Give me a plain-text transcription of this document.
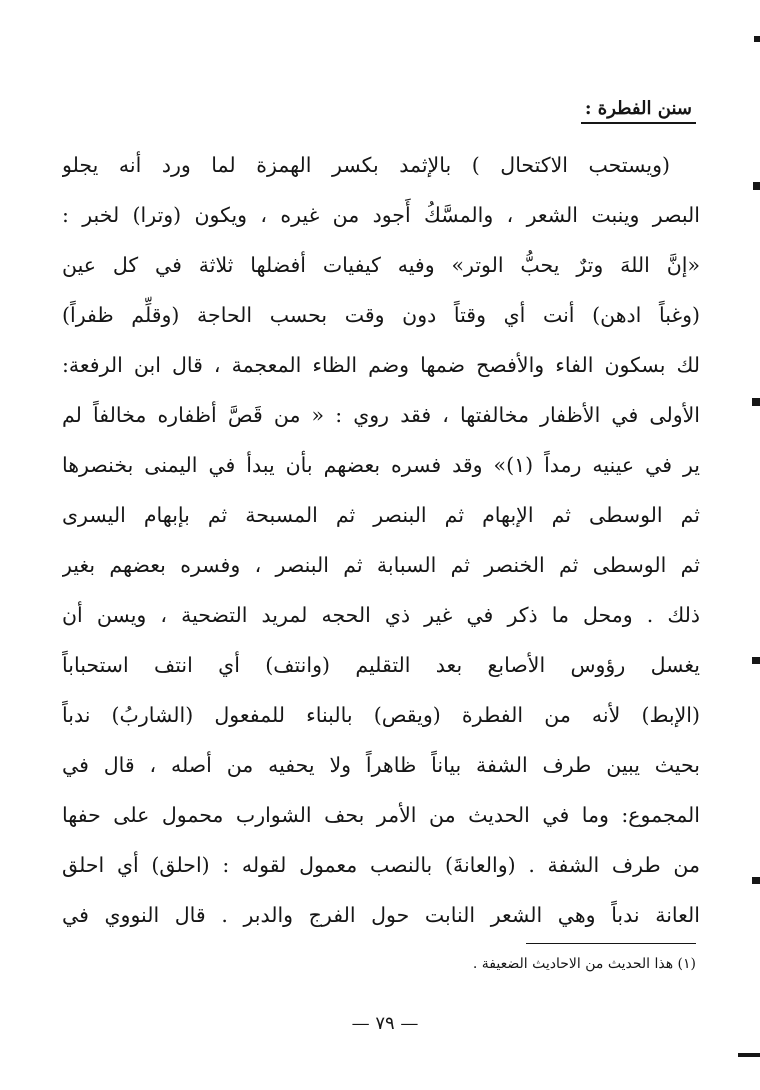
سنن الفطرة :
(ويستحب الاكتحال ) بالإثمد بكسر الهمزة لما ورد أنه يجلو
البصر وينبت الشعر ، والمسَّكُ أَجود من غيره ، ويكون (وترا) لخبر :
«إنَّ اللهَ وترٌ يحبُّ الوتر» وفيه كيفيات أفضلها ثلاثة في كل عين
(وغباً ادهن) أنت أي وقتاً دون وقت بحسب الحاجة (وقلِّم ظفراً)
لك بسكون الفاء والأفصح ضمها وضم الظاء المعجمة ، قال ابن الرفعة:
الأولى في الأظفار مخالفتها ، فقد روي : « من قَصَّ أظفاره مخالفاً لم
ير في عينيه رمداً (١)» وقد فسره بعضهم بأن يبدأ في اليمنى بخنصرها
ثم الوسطى ثم الإبهام ثم البنصر ثم المسبحة ثم بإبهام اليسرى
ثم الوسطى ثم الخنصر ثم السبابة ثم البنصر ، وفسره بعضهم بغير
ذلك . ومحل ما ذكر في غير ذي الحجه لمريد التضحية ، ويسن أن
يغسل رؤوس الأصابع بعد التقليم (وانتف) أي انتف استحباباً
(الإبط) لأنه من الفطرة (ويقص) بالبناء للمفعول (الشاربُ) ندباً
بحيث يبين طرف الشفة بياناً ظاهراً ولا يحفيه من أصله ، قال في
المجموع: وما في الحديث من الأمر بحف الشوارب محمول على حفها
من طرف الشفة . (والعانةَ) بالنصب معمول لقوله : (احلق) أي احلق
العانة ندباً وهي الشعر النابت حول الفرج والدبر . قال النووي في
(١) هذا الحديث من الاحاديث الضعيفة .
— ٧٩ —
